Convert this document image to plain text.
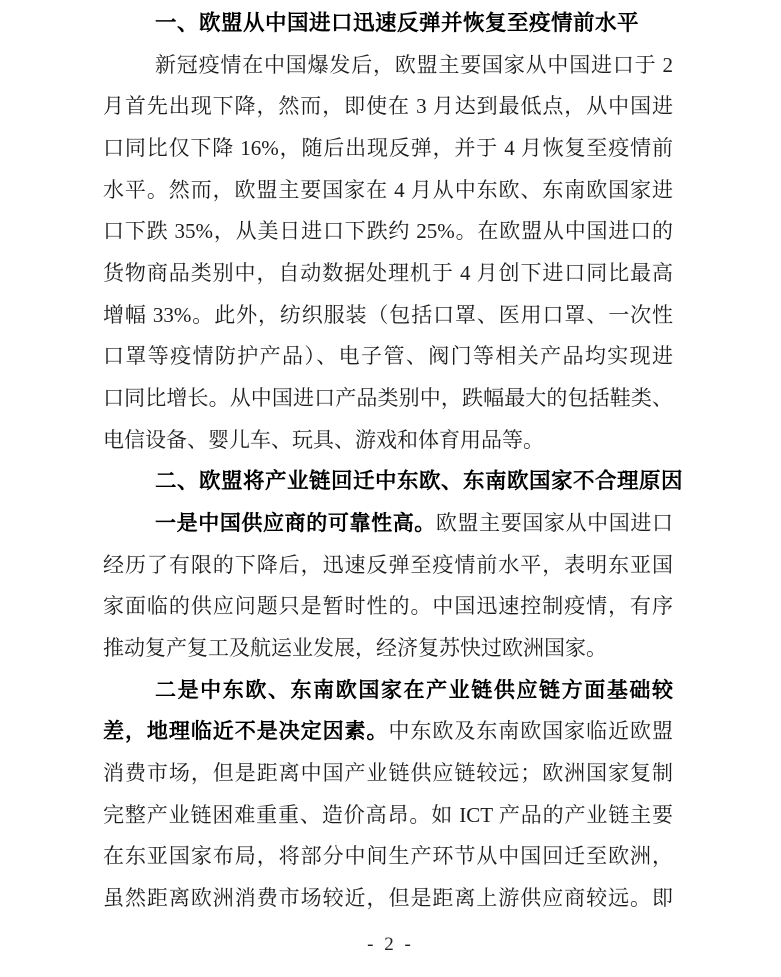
一、欧盟从中国进口迅速反弹并恢复至疫情前水平
新冠疫情在中国爆发后，欧盟主要国家从中国进口于 2
月首先出现下降，然而，即使在 3 月达到最低点，从中国进
口同比仅下降 16%，随后出现反弹，并于 4 月恢复至疫情前
水平。然而，欧盟主要国家在 4 月从中东欧、东南欧国家进
口下跌 35%，从美日进口下跌约 25%。在欧盟从中国进口的
货物商品类别中，自动数据处理机于 4 月创下进口同比最高
增幅 33%。此外，纺织服装（包括口罩、医用口罩、一次性
口罩等疫情防护产品）、电子管、阀门等相关产品均实现进
口同比增长。从中国进口产品类别中，跌幅最大的包括鞋类、
电信设备、婴儿车、玩具、游戏和体育用品等。
二、欧盟将产业链回迁中东欧、东南欧国家不合理原因
一是中国供应商的可靠性高。欧盟主要国家从中国进口
经历了有限的下降后，迅速反弹至疫情前水平，表明东亚国
家面临的供应问题只是暂时性的。中国迅速控制疫情，有序
推动复产复工及航运业发展，经济复苏快过欧洲国家。
二是中东欧、东南欧国家在产业链供应链方面基础较
差，地理临近不是决定因素。中东欧及东南欧国家临近欧盟
消费市场，但是距离中国产业链供应链较远；欧洲国家复制
完整产业链困难重重、造价高昂。如 ICT 产品的产业链主要
在东亚国家布局，将部分中间生产环节从中国回迁至欧洲，
虽然距离欧洲消费市场较近，但是距离上游供应商较远。即
- 2 -
